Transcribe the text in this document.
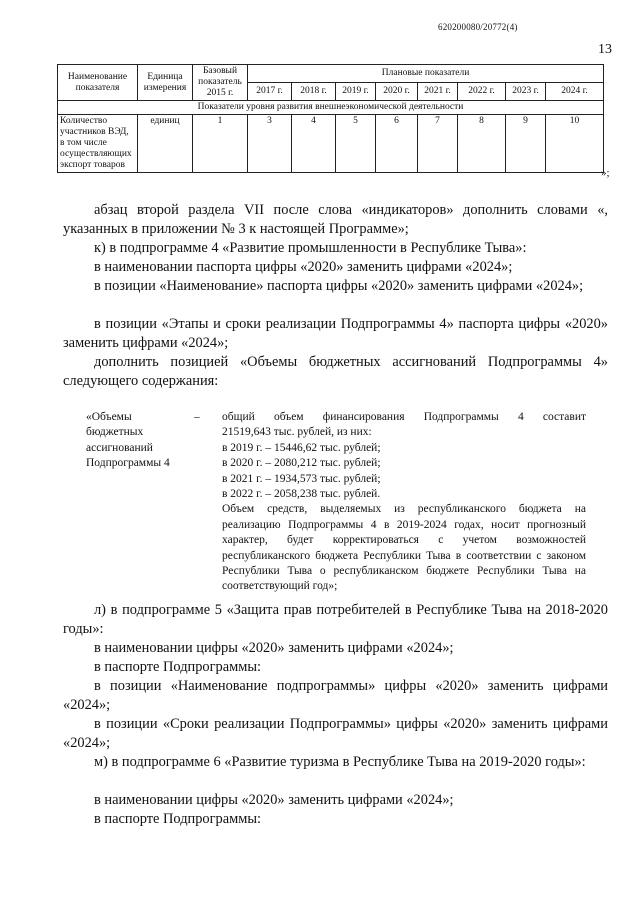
620200080/20772(4)
13
Наименование показателя	Единица измерения	Базовый показатель 2015 г.	Плановые показатели							
			2017 г.	2018 г.	2019 г.	2020 г.	2021 г.	2022 г.	2023 г.	2024 г.
Показатели уровня развития внешнеэкономической деятельности										
Количество участников ВЭД, в том числе осуществляющих экспорт товаров	единиц	1	3	4	5	6	7	8	9	10
»;

абзац второй раздела VII после слова «индикаторов» дополнить словами «, указанных в приложении № 3 к настоящей Программе»;

к) в подпрограмме 4 «Развитие промышленности в Республике Тыва»:

в наименовании паспорта цифры «2020» заменить цифрами «2024»;

в позиции «Наименование» паспорта цифры «2020» заменить цифрами «2024»;

в позиции «Этапы и сроки реализации Подпрограммы 4» паспорта цифры «2020» заменить цифрами «2024»;

дополнить позицией «Объемы бюджетных ассигнований Подпрограммы 4» следующего содержания:

«Объемы бюджетных ассигнований Подпрограммы 4
– общий объем финансирования Подпрограммы 4 составит
21519,643 тыс. рублей, из них:
в 2019 г. – 15446,62 тыс. рублей;
в 2020 г. – 2080,212 тыс. рублей;
в 2021 г. – 1934,573 тыс. рублей;
в 2022 г. – 2058,238 тыс. рублей.
Объем средств, выделяемых из республиканского бюджета на реализацию Подпрограммы 4 в 2019-2024 годах, носит прогнозный характер, будет корректироваться с учетом возможностей республиканского бюджета Республики Тыва в соответствии с законом Республики Тыва о республиканском бюджете Республики Тыва на соответствующий год»;

л) в подпрограмме 5 «Защита прав потребителей в Республике Тыва на 2018-2020 годы»:

в наименовании цифры «2020» заменить цифрами «2024»;

в паспорте Подпрограммы:

в позиции «Наименование подпрограммы» цифры «2020» заменить цифрами «2024»;

в позиции «Сроки реализации Подпрограммы» цифры «2020» заменить цифрами «2024»;

м) в подпрограмме 6 «Развитие туризма в Республике Тыва на 2019-2020 годы»:

в наименовании цифры «2020» заменить цифрами «2024»;

в паспорте Подпрограммы:
